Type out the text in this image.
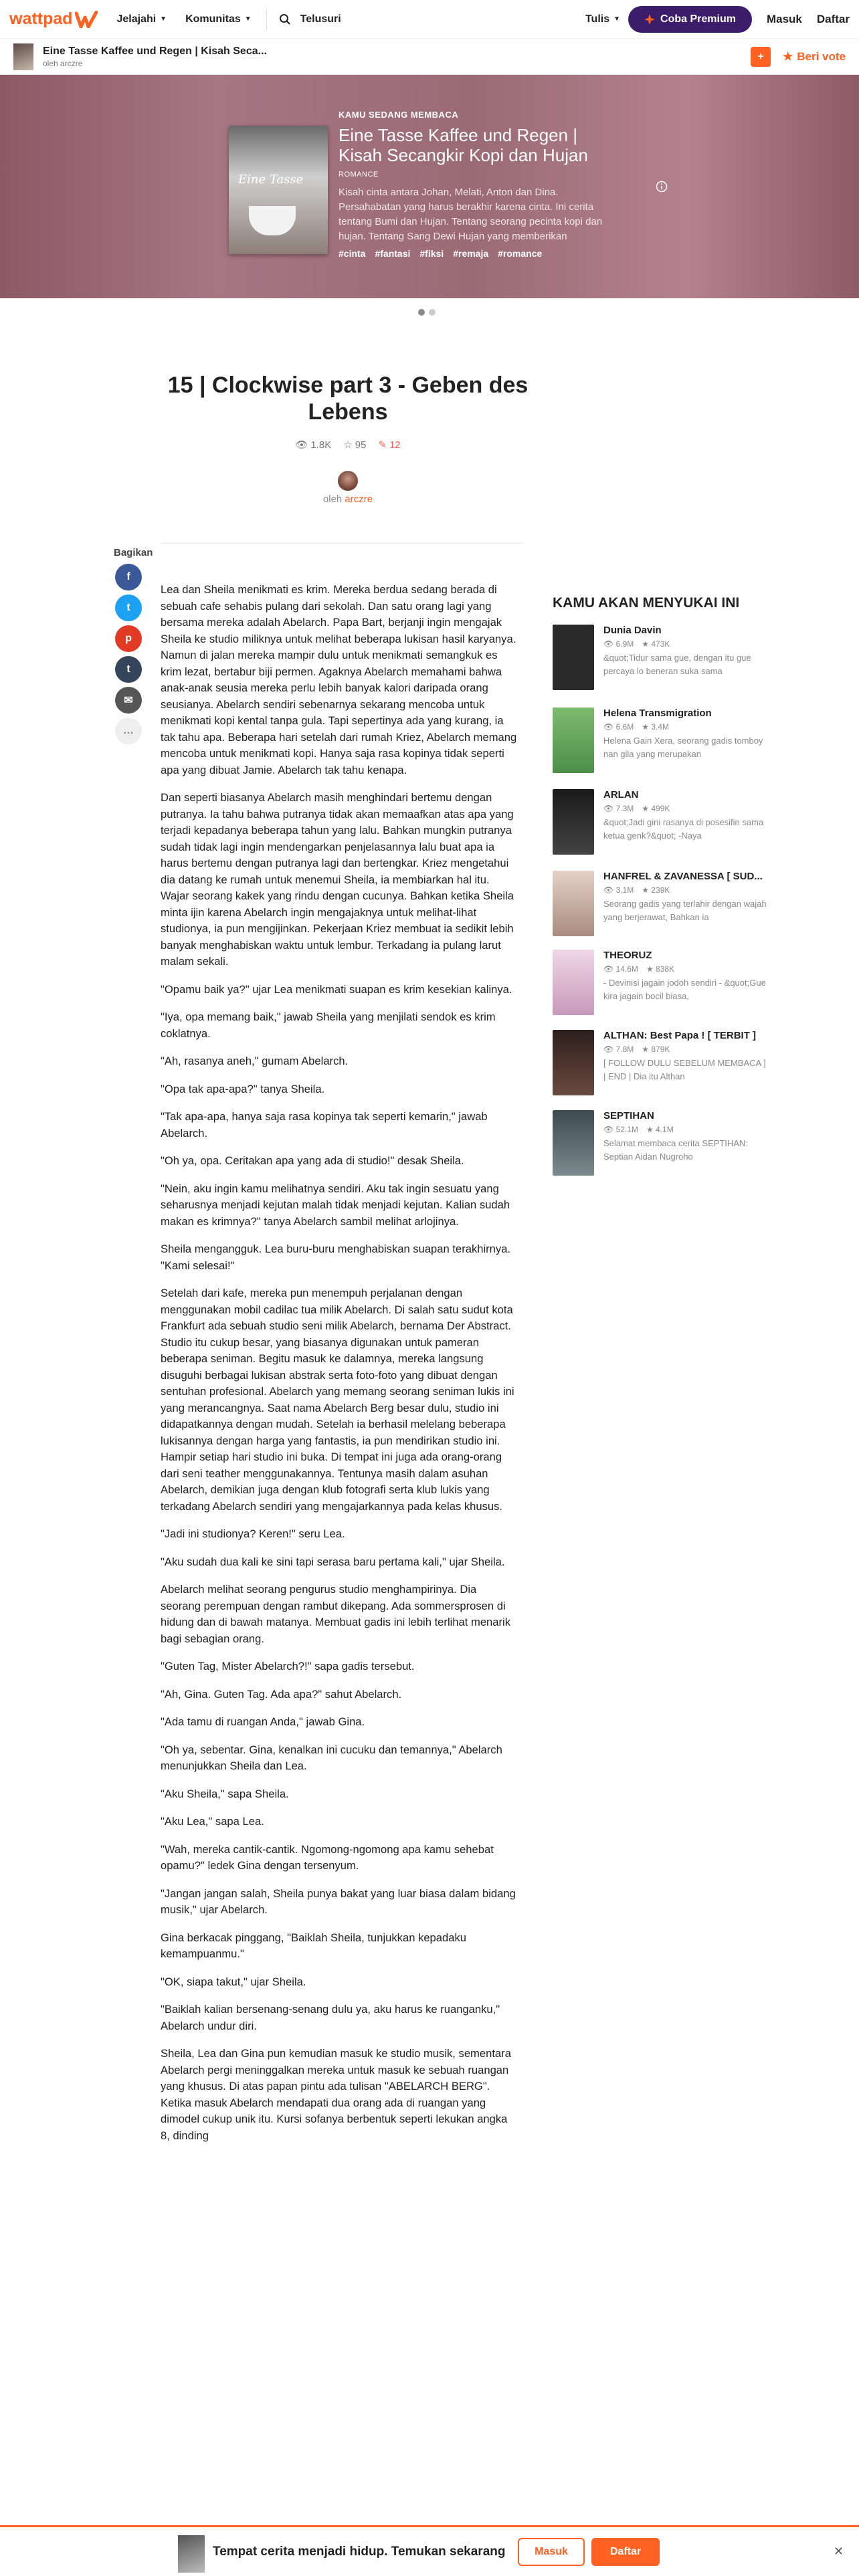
wattpad	Jelajahi ▼ Komunitas ▼	Telusuri	Tulis ▼	Coba Premium	Masuk Daftar
Eine Tasse Kaffee und Regen | Kisah Seca...
oleh arczre
+	★ Beri vote
Eine Tasse
KAMU SEDANG MEMBACA
Eine Tasse Kaffee und Regen | Kisah Secangkir Kopi dan Hujan
ROMANCE
Kisah cinta antara Johan, Melati, Anton dan Dina. Persahabatan yang harus berakhir karena cinta. Ini cerita tentang Bumi dan Hujan. Tentang seorang pecinta kopi dan hujan. Tentang Sang Dewi Hujan yang memberikan
#cinta #fantasi #fiksi #remaja #romance
15 | Clockwise part 3 - Geben des Lebens
👁 1.8K ☆ 95 ✎ 12
oleh arczre
Bagikan
f
t
p
t
✉
…

Lea dan Sheila menikmati es krim. Mereka berdua sedang berada di sebuah cafe sehabis pulang dari sekolah. Dan satu orang lagi yang bersama mereka adalah Abelarch. Papa Bart, berjanji ingin mengajak Sheila ke studio miliknya untuk melihat beberapa lukisan hasil karyanya. Namun di jalan mereka mampir dulu untuk menikmati semangkuk es krim lezat, bertabur biji permen. Agaknya Abelarch memahami bahwa anak-anak seusia mereka perlu lebih banyak kalori daripada orang seusianya. Abelarch sendiri sebenarnya sekarang mencoba untuk menikmati kopi kental tanpa gula. Tapi sepertinya ada yang kurang, ia tak tahu apa. Beberapa hari setelah dari rumah Kriez, Abelarch memang mencoba untuk menikmati kopi. Hanya saja rasa kopinya tidak seperti apa yang dibuat Jamie. Abelarch tak tahu kenapa.

Dan seperti biasanya Abelarch masih menghindari bertemu dengan putranya. Ia tahu bahwa putranya tidak akan memaafkan atas apa yang terjadi kepadanya beberapa tahun yang lalu. Bahkan mungkin putranya sudah tidak lagi ingin mendengarkan penjelasannya lalu buat apa ia harus bertemu dengan putranya lagi dan bertengkar. Kriez mengetahui dia datang ke rumah untuk menemui Sheila, ia membiarkan hal itu. Wajar seorang kakek yang rindu dengan cucunya. Bahkan ketika Sheila minta ijin karena Abelarch ingin mengajaknya untuk melihat-lihat studionya, ia pun mengijinkan. Pekerjaan Kriez membuat ia sedikit lebih banyak menghabiskan waktu untuk lembur. Terkadang ia pulang larut malam sekali.

"Opamu baik ya?" ujar Lea menikmati suapan es krim kesekian kalinya.

"Iya, opa memang baik," jawab Sheila yang menjilati sendok es krim coklatnya.

"Ah, rasanya aneh," gumam Abelarch.

"Opa tak apa-apa?" tanya Sheila.

"Tak apa-apa, hanya saja rasa kopinya tak seperti kemarin," jawab Abelarch.

"Oh ya, opa. Ceritakan apa yang ada di studio!" desak Sheila.

"Nein, aku ingin kamu melihatnya sendiri. Aku tak ingin sesuatu yang seharusnya menjadi kejutan malah tidak menjadi kejutan. Kalian sudah makan es krimnya?" tanya Abelarch sambil melihat arlojinya.

Sheila mengangguk. Lea buru-buru menghabiskan suapan terakhirnya. "Kami selesai!"

Setelah dari kafe, mereka pun menempuh perjalanan dengan menggunakan mobil cadilac tua milik Abelarch. Di salah satu sudut kota Frankfurt ada sebuah studio seni milik Abelarch, bernama Der Abstract. Studio itu cukup besar, yang biasanya digunakan untuk pameran beberapa seniman. Begitu masuk ke dalamnya, mereka langsung disuguhi berbagai lukisan abstrak serta foto-foto yang dibuat dengan sentuhan profesional. Abelarch yang memang seorang seniman lukis ini yang merancangnya. Saat nama Abelarch Berg besar dulu, studio ini didapatkannya dengan mudah. Setelah ia berhasil melelang beberapa lukisannya dengan harga yang fantastis, ia pun mendirikan studio ini. Hampir setiap hari studio ini buka. Di tempat ini juga ada orang-orang dari seni teather menggunakannya. Tentunya masih dalam asuhan Abelarch, demikian juga dengan klub fotografi serta klub lukis yang terkadang Abelarch sendiri yang mengajarkannya pada kelas khusus.

"Jadi ini studionya? Keren!" seru Lea.

"Aku sudah dua kali ke sini tapi serasa baru pertama kali," ujar Sheila.

Abelarch melihat seorang pengurus studio menghampirinya. Dia seorang perempuan dengan rambut dikepang. Ada sommersprosen di hidung dan di bawah matanya. Membuat gadis ini lebih terlihat menarik bagi sebagian orang.

"Guten Tag, Mister Abelarch?!" sapa gadis tersebut.

"Ah, Gina. Guten Tag. Ada apa?" sahut Abelarch.

"Ada tamu di ruangan Anda," jawab Gina.

"Oh ya, sebentar. Gina, kenalkan ini cucuku dan temannya," Abelarch menunjukkan Sheila dan Lea.

"Aku Sheila," sapa Sheila.

"Aku Lea," sapa Lea.

"Wah, mereka cantik-cantik. Ngomong-ngomong apa kamu sehebat opamu?" ledek Gina dengan tersenyum.

"Jangan jangan salah, Sheila punya bakat yang luar biasa dalam bidang musik," ujar Abelarch.

Gina berkacak pinggang, "Baiklah Sheila, tunjukkan kepadaku kemampuanmu."

"OK, siapa takut," ujar Sheila.

"Baiklah kalian bersenang-senang dulu ya, aku harus ke ruanganku," Abelarch undur diri.

Sheila, Lea dan Gina pun kemudian masuk ke studio musik, sementara Abelarch pergi meninggalkan mereka untuk masuk ke sebuah ruangan yang khusus. Di atas papan pintu ada tulisan "ABELARCH BERG". Ketika masuk Abelarch mendapati dua orang ada di ruangan yang dimodel cukup unik itu. Kursi sofanya berbentuk seperti lekukan angka 8, dinding

KAMU AKAN MENYUKAI INI
Dunia Davin
👁 6.9M ★ 473K
&quot;Tidur sama gue, dengan itu gue percaya lo beneran suka sama
Helena Transmigration
👁 6.6M ★ 3.4M
Helena Gain Xera, seorang gadis tomboy nan gila yang merupakan
ARLAN
👁 7.3M ★ 499K
&quot;Jadi gini rasanya di posesifin sama ketua genk?&quot; -Naya
HANFREL & ZAVANESSA [ SUD...
👁 3.1M ★ 239K
Seorang gadis yang terlahir dengan wajah yang berjerawat, Bahkan ia
THEORUZ
👁 14.6M ★ 838K
- Devinisi jagain jodoh sendiri - &quot;Gue kira jagain bocil biasa,
ALTHAN: Best Papa ! [ TERBIT ]
👁 7.8M ★ 879K
[ FOLLOW DULU SEBELUM MEMBACA ] | END | Dia itu Althan
SEPTIHAN
👁 52.1M ★ 4.1M
Selamat membaca cerita SEPTIHAN: Septian Aidan Nugroho
Tempat cerita menjadi hidup. Temukan sekarang	Masuk	Daftar	✕
